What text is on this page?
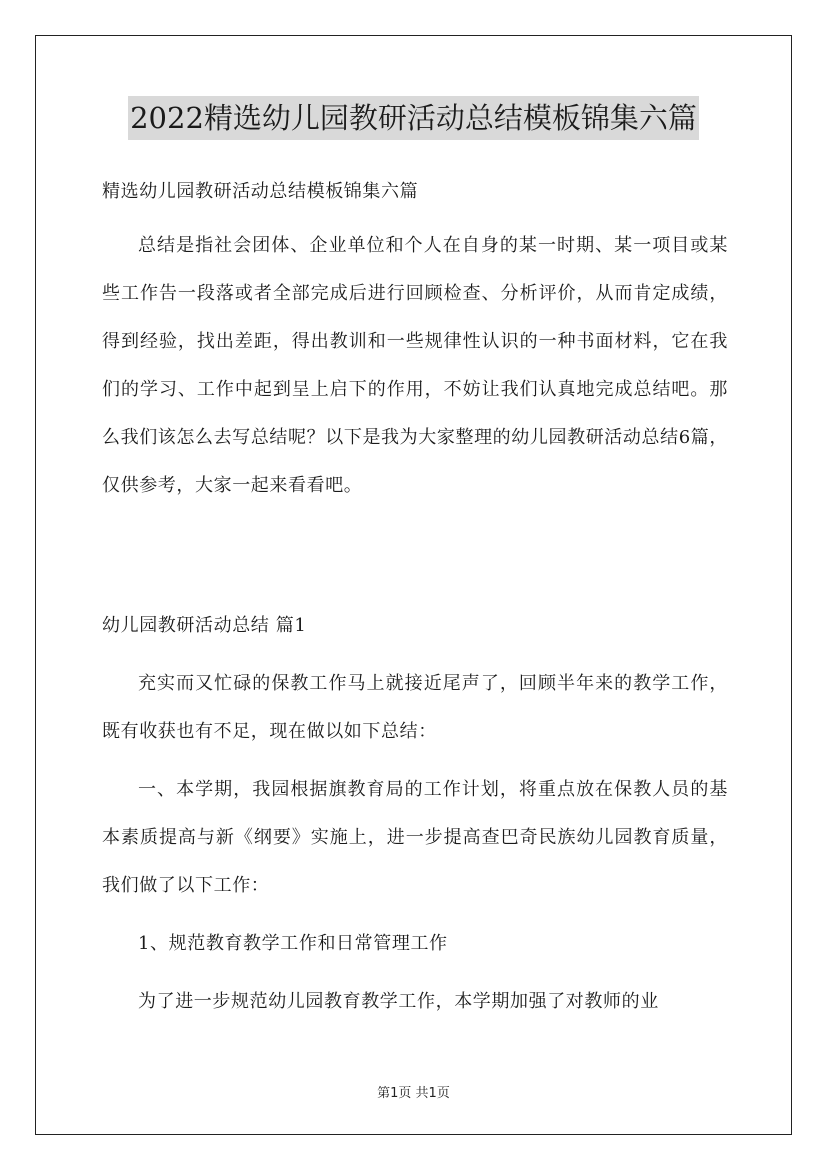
2022精选幼儿园教研活动总结模板锦集六篇

精选幼儿园教研活动总结模板锦集六篇

总结是指社会团体、企业单位和个人在自身的某一时期、某一项目或某些工作告一段落或者全部完成后进行回顾检查、分析评价，从而肯定成绩，得到经验，找出差距，得出教训和一些规律性认识的一种书面材料，它在我们的学习、工作中起到呈上启下的作用，不妨让我们认真地完成总结吧。那么我们该怎么去写总结呢？以下是我为大家整理的幼儿园教研活动总结6篇，仅供参考，大家一起来看看吧。

幼儿园教研活动总结 篇1

充实而又忙碌的保教工作马上就接近尾声了，回顾半年来的教学工作，既有收获也有不足，现在做以如下总结：

一、本学期，我园根据旗教育局的工作计划，将重点放在保教人员的基本素质提高与新《纲要》实施上，进一步提高查巴奇民族幼儿园教育质量，我们做了以下工作：

1、规范教育教学工作和日常管理工作

为了进一步规范幼儿园教育教学工作，本学期加强了对教师的业

第1页 共1页
